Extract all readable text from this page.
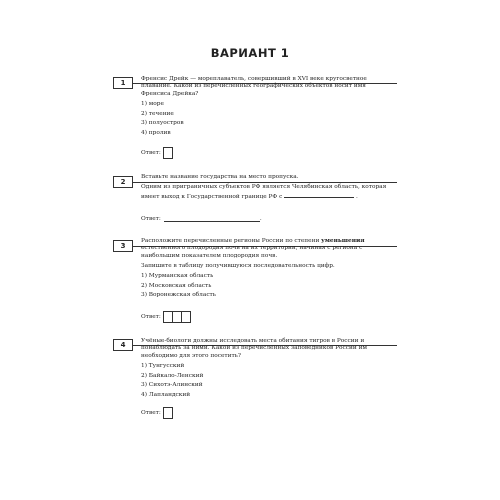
ВАРИАНТ 1
1	Френсис Дрейк — мореплаватель, совершивший в XVI веке кругосветное плавание. Какой из перечисленных географических объектов носит имя Френсиса Дрейка?

1) море
2) течение
3) полуостров
4) пролив
Ответ:
2

Вставьте название государства на место пропуска.

Одним из приграничных субъектов РФ является Челябинская область, которая имеет выход к Государственной границе РФ с	.

Ответ:	.
3

Расположите перечисленные регионы России по степени уменьшения естественного плодородия почв на их территории, начиная с региона с наибольшим показателем плодородия почв.

Запишите в таблицу получившуюся последовательность цифр.

1) Мурманская область
2) Московская область
3) Воронежская область
Ответ:
4	Учёные-биологи должны исследовать места обитания тигров в России и понаблюдать за ними. Какой из перечисленных заповедников России им необходимо для этого посетить?

1) Тунгусский
2) Байкало-Ленский
3) Сихотэ-Алинский
4) Лапландский
Ответ:
